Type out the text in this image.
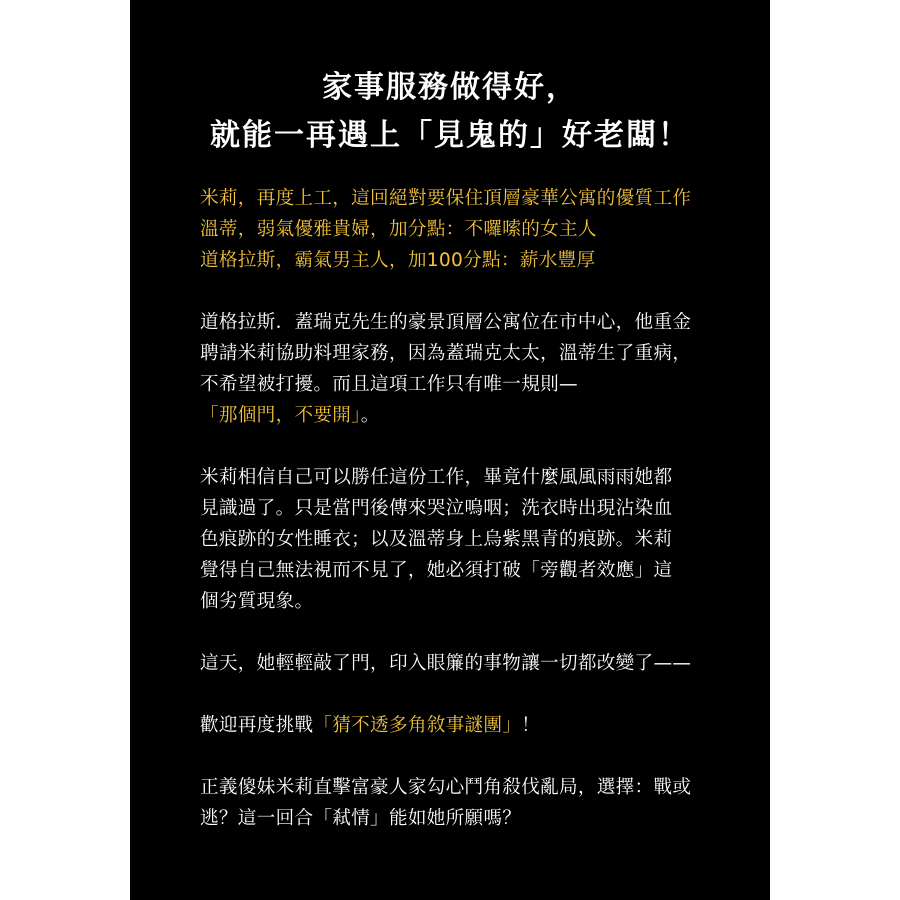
家事服務做得好，
就能一再遇上「見鬼的」好老闆！
米莉，再度上工，這回絕對要保住頂層豪華公寓的優質工作
溫蒂，弱氣優雅貴婦，加分點：不囉嗦的女主人
道格拉斯，霸氣男主人，加100分點：薪水豐厚
道格拉斯．蓋瑞克先生的豪景頂層公寓位在市中心，他重金
聘請米莉協助料理家務，因為蓋瑞克太太，溫蒂生了重病，
不希望被打擾。而且這項工作只有唯一規則—
「那個門，不要開」。
米莉相信自己可以勝任這份工作，畢竟什麼風風雨雨她都
見識過了。只是當門後傳來哭泣嗚咽；洗衣時出現沾染血
色痕跡的女性睡衣；以及溫蒂身上烏紫黑青的痕跡。米莉
覺得自己無法視而不見了，她必須打破「旁觀者效應」這
個劣質現象。
這天，她輕輕敲了門，印入眼簾的事物讓一切都改變了——
歡迎再度挑戰「猜不透多角敘事謎團」！
正義傻妹米莉直擊富豪人家勾心鬥角殺伐亂局，選擇：戰或
逃？這一回合「弒情」能如她所願嗎？
